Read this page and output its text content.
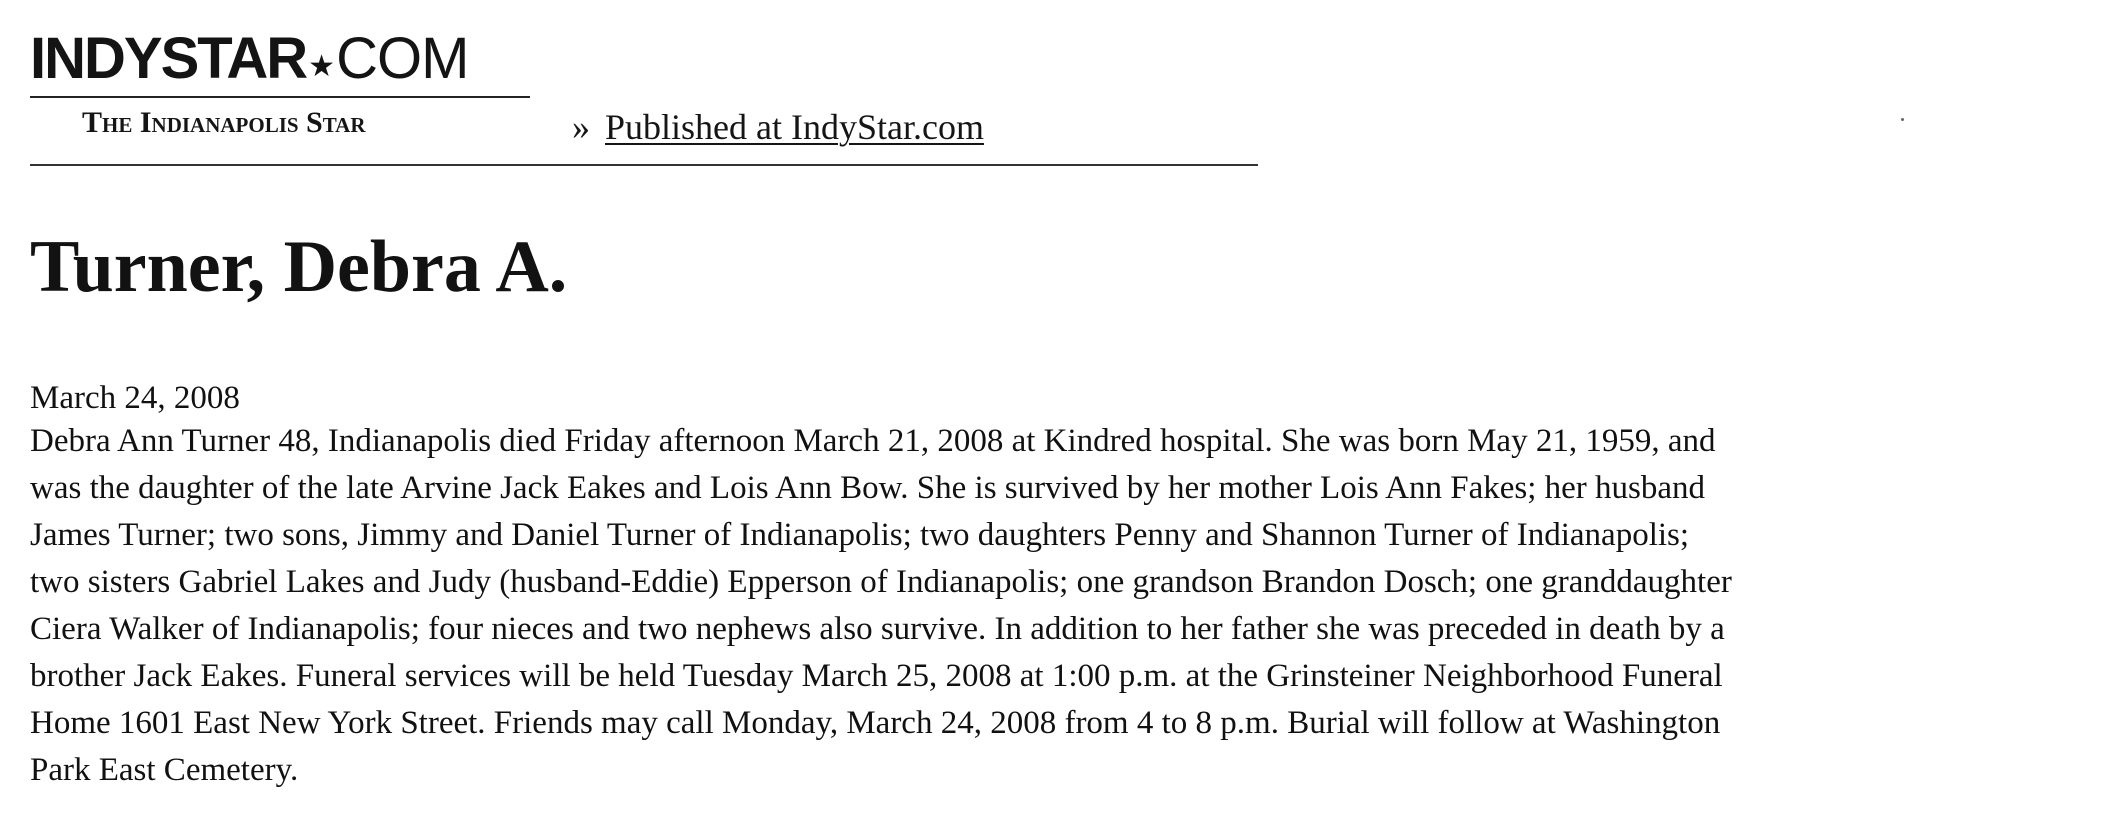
INDYSTAR ★ COM
The Indianapolis Star	» Published at IndyStar.com
Turner, Debra A.
March 24, 2008
Debra Ann Turner 48, Indianapolis died Friday afternoon March 21, 2008 at Kindred hospital. She was born May 21, 1959, and
was the daughter of the late Arvine Jack Eakes and Lois Ann Bow. She is survived by her mother Lois Ann Fakes; her husband
James Turner; two sons, Jimmy and Daniel Turner of Indianapolis; two daughters Penny and Shannon Turner of Indianapolis;
two sisters Gabriel Lakes and Judy (husband-Eddie) Epperson of Indianapolis; one grandson Brandon Dosch; one granddaughter
Ciera Walker of Indianapolis; four nieces and two nephews also survive. In addition to her father she was preceded in death by a
brother Jack Eakes. Funeral services will be held Tuesday March 25, 2008 at 1:00 p.m. at the Grinsteiner Neighborhood Funeral
Home 1601 East New York Street. Friends may call Monday, March 24, 2008 from 4 to 8 p.m. Burial will follow at Washington
Park East Cemetery.
